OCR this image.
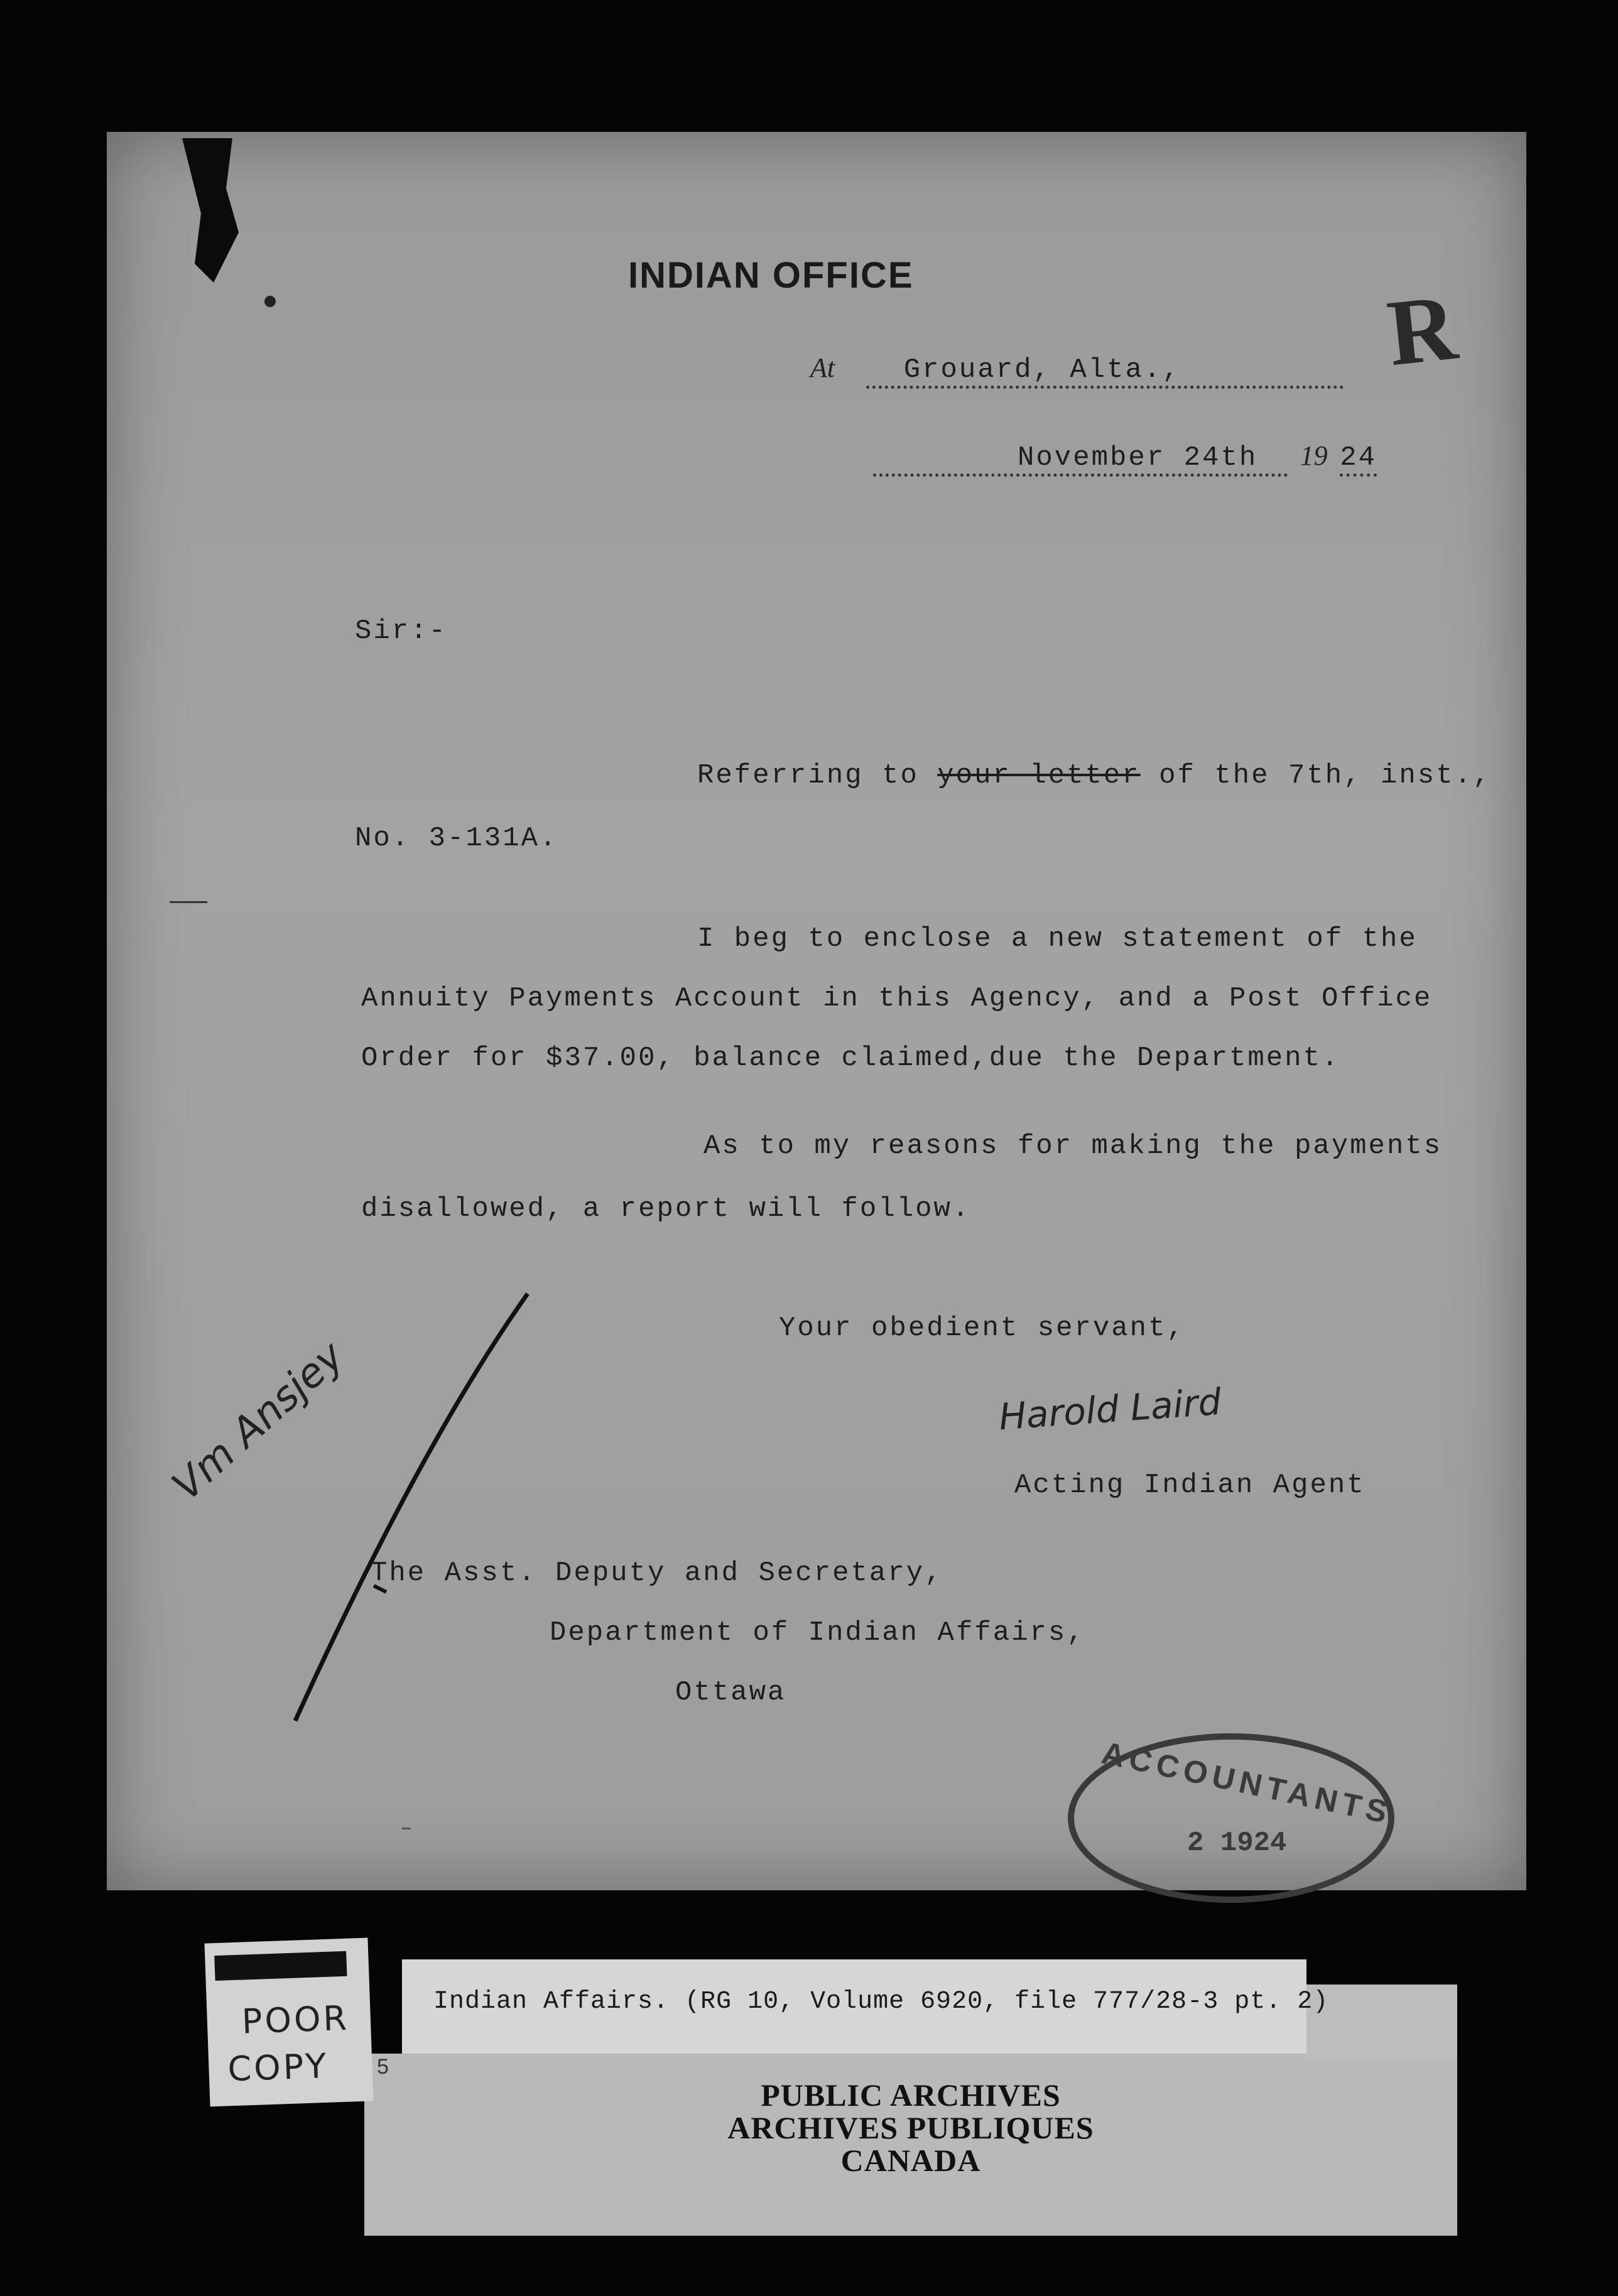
INDIAN OFFICE	R
At Grouard, Alta.,
November 24th 19 24
Sir:-
Referring to your letter of the 7th, inst.,
No. 3-131A.
I beg to enclose a new statement of the
Annuity Payments Account in this Agency, and a Post Office
Order for $37.00, balance claimed,due the Department.
As to my reasons for making the payments
disallowed, a report will follow.
Your obedient servant,
Harold Laird
Acting Indian Agent
Vm Ansjey
The Asst. Deputy and Secretary,
Department of Indian Affairs,
Ottawa
ACCOUNTANTS
2 1924
PUBLIC ARCHIVES
ARCHIVES PUBLIQUES
CANADA
5
Indian Affairs. (RG 10, Volume 6920, file 777/28-3 pt. 2)
POOR
COPY
